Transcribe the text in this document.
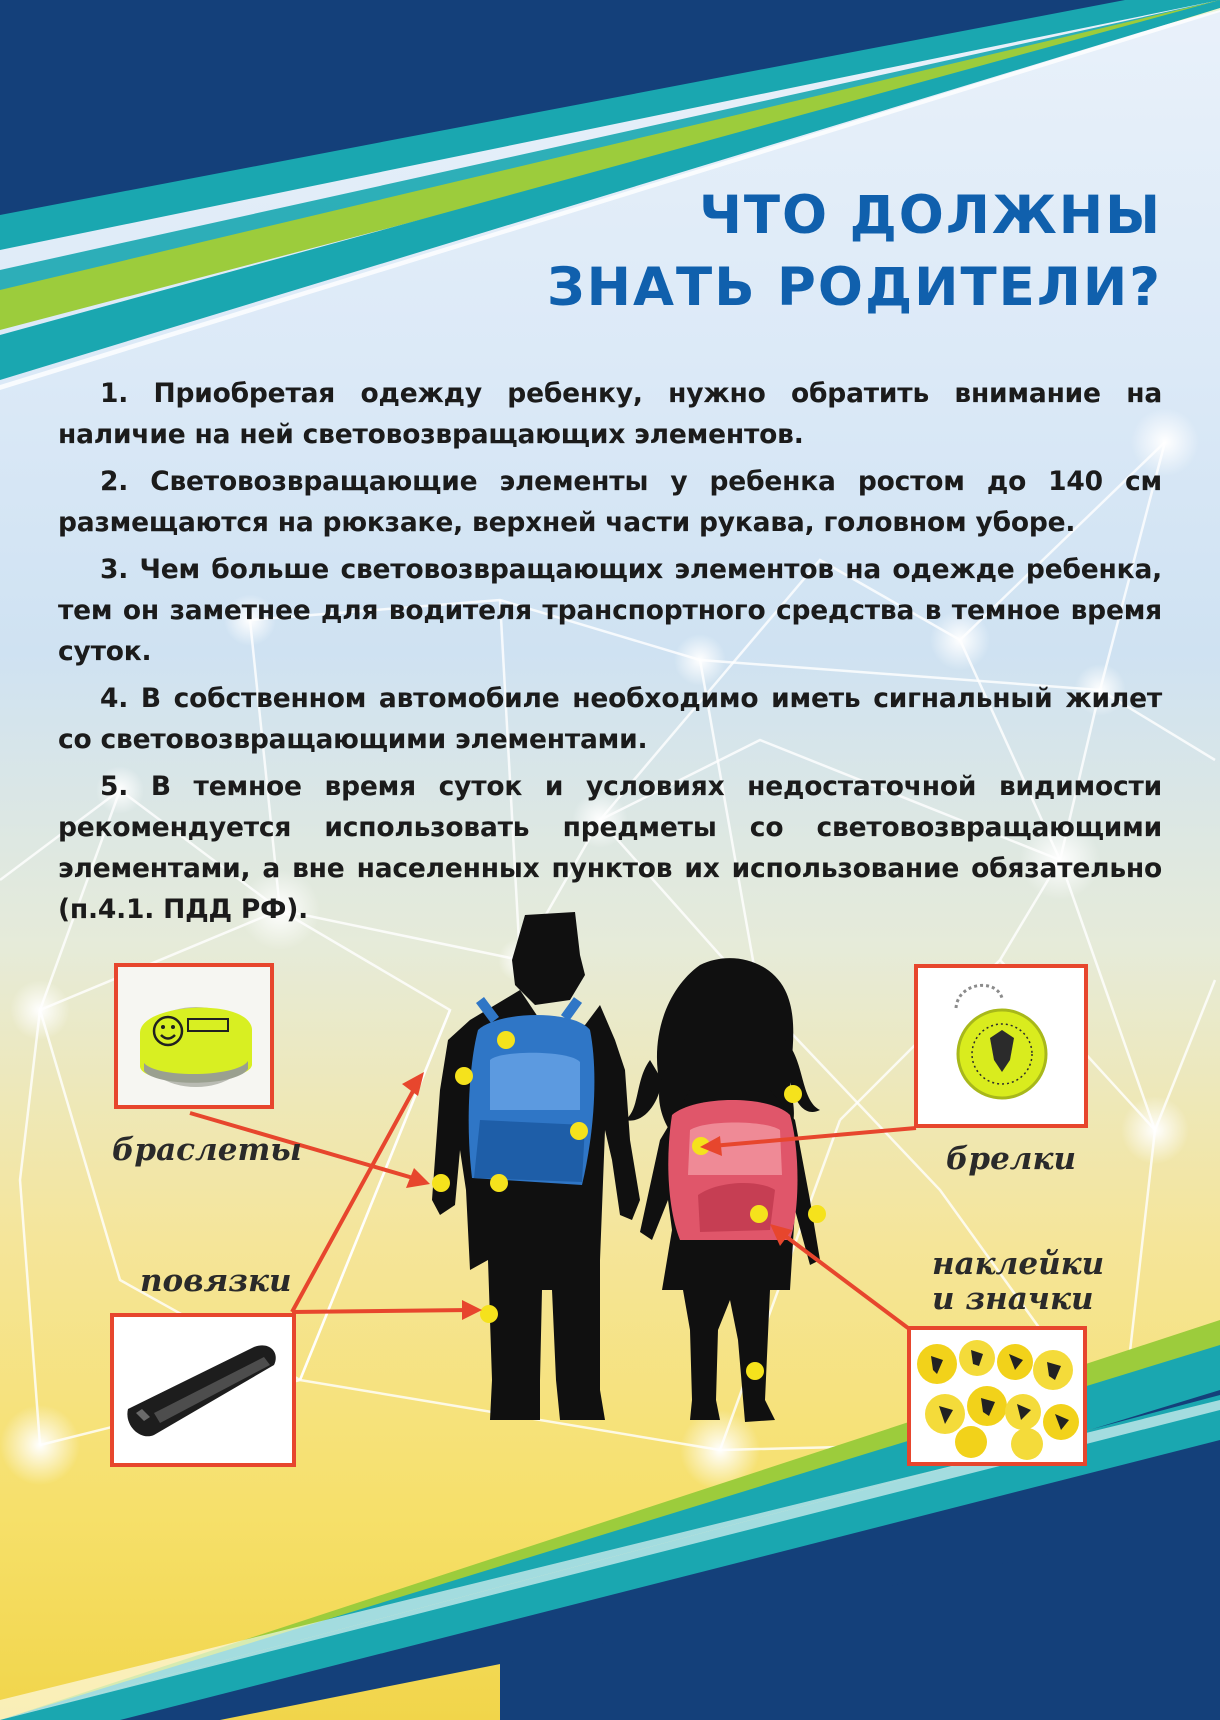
ЧТО ДОЛЖНЫ
ЗНАТЬ РОДИТЕЛИ?
1. Приобретая одежду ребенку, нужно обратить внимание на наличие на ней световозвращающих элементов.
2. Световозвращающие элементы у ребенка ростом до 140 см размещаются на рюкзаке, верхней части рукава, головном уборе.
3. Чем больше световозвращающих элементов на одежде ребенка, тем он заметнее для водителя транспортного средства в темное время суток.
4. В собственном автомобиле необходимо иметь сигнальный жилет со световозвращающими элементами.
5. В темное время суток и условиях недостаточной видимости рекомендуется использовать предметы со световозвращающими элементами, а вне населенных пунктов их использование обязательно (п.4.1. ПДД РФ).
браслеты
повязки
брелки
наклейки
и значки
